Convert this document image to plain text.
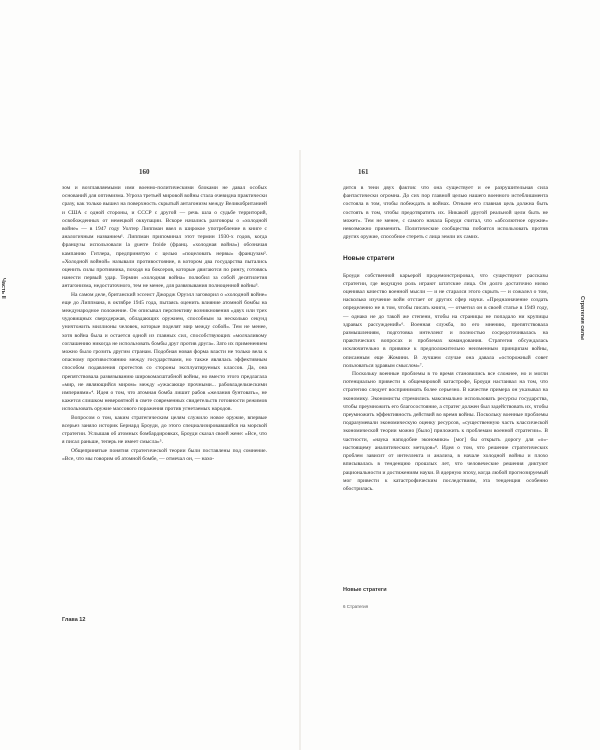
160
Часть II

зом и возглавляемыми ими военно-политическими блоками не давал особых оснований для оптимизма. Угроза третьей мировой войны стала очевидна практически сразу, как только вышел на поверхность скрытый антагонизм между Великобританией и США с одной стороны, и СССР с другой — речь шла о судьбе территорий, освобожденных от немецкой оккупации. Вскоре начались разговоры о «холодной войне» — в 1947 году Уолтер Липпман ввел в широкое употребление в книге с аналогичным названием¹. Липпман припоминал этот термин 1930-х годов, когда французы использовали la guerre froide (франц. «холодная война») обозначая кампанию Гитлера, предпринятую с целью «поцеловать нервы» французам². «Холодной войной» называли противостояние, в котором два государства пытались оценить силы противника, походя на боксеров, которые двигаются по рингу, готовясь нанести первый удар. Термин «холодная война» полюбил за собой десятилетия антагонизма, недостаточного, тем не менее, для развязывания полноценной войны³.

На самом деле, британский эссеист Джордж Оруэлл заговорил о «холодной войне» еще до Липпмана, в октябре 1945 года, пытаясь оценить влияние атомной бомбы на международное положение. Он описывал перспективу возникновения «двух или трех чудовищных сверхдержав, обладающих оружием, способным за несколько секунд уничтожить миллионы человек, которые поделят мир между собой». Тем не менее, хотя война была и остается одной из главных сил, способствующих «молчаливому соглашению никогда не использовать бомбы друг против друга». Зато их применением можно было грозить другим странам. Подобная новая форма власти не только вела к опасному противостоянию между государствами, но также являлась эффективным способом подавления протестов со стороны эксплуатируемых классов. Да, она препятствовала развязыванию широкомасштабной войны, но вместо этого предлагала «мир, не являющийся миром» между «ужасающе прочными... рабовладельческими империями»⁴. Идея о том, что атомная бомба лишит рабов «желания бунтовать», не кажется слишком невероятной в свете современных свидетельств готовности режимов использовать оружие массового поражения против угнетаемых народов.

Вопросом о том, каким стратегическим целям служило новое оружие, впервые всерьез заняло историк Бернард Броуди, до этого специализировавшийся на морской стратегии. Услышав об атомных бомбардировках, Броуди сказал своей жене: «Все, что я писал раньше, теперь не имеет смысла»⁵.

Общепринятые понятия стратегической теории были поставлены под сомнение. «Все, что мы говорим об атомной бомбе, — отмечал он, — нахо-

Глава 12
161
Стратегия силы

дится в тени двух фактов: что она существует и ее разрушительная сила фантастически огромна. До сих пор главной целью нашего военного истеблишмента состояла в том, чтобы побеждать в войнах. Отныне его главная цель должна быть состоять в том, чтобы предотвратить их. Никакой другой реальной цели быть не может». Тем не менее, с самого начала Броуди считал, что «абсолютное оружие» невозможно применить. Политические сообщества побоятся использовать против других оружие, способное стереть с лица земли их самих.

Новые стратеги

Броуди собственной карьерой продемонстрировал, что существуют рассказы стратегии, где ведущую роль играют штатские лица. Он долго достаточно низко оценивал качество военной мысли — и не старался этого скрыть — и сожалел о том, насколько изучение войн отстает от других сфер науки. «Предназначение создать определенно не в том, чтобы писать книги, — отметил он в своей статье в 1949 году, — однако не до такой же степени, чтобы на страницы не попадало ни крупицы здравых рассуждений»⁶. Военная служба, по его мнению, препятствовала размышлениям, подготовка интеллект и полностью сосредоточивалась на практических вопросах и проблемах командования. Стратегия обсуждалась исключительно в привязке к предположительно неизменным принципам войны, описанным еще Жомини. В лучшем случае она давала «осторожный совет пользоваться здравым смыслом»⁷.

Поскольку военные проблемы в то время становились все сложнее, но и могли потенциально привести к общемировой катастрофе, Броуди настаивал на том, что стратегию следует воспринимать более серьезно. В качестве примера он указывал на экономику. Экономисты стремились максимально использовать ресурсы государства, чтобы преумножить его благосостояние, а стратег должен был задействовать их, чтобы преумножить эффективность действий во время войны. Поскольку военные проблемы подразумевали экономическую оценку ресурсов, «существенную часть классической экономической теории можно [было] приложить к проблемам военной стратегии». В частности, «наука наподобие экономики» [мог] бы открыть дорогу для «о»-настоящему аналитических методов»⁸. Идея о том, что решение стратегических проблем зависит от интеллекта и анализа, в начале холодной войны и плохо вписывалась в тенденцию прошлых лет, что человеческие решения диктуют рациональности и достижениям науки. В ядерную эпоху, когда любой прогнозируемый мог привести к катастрофическим последствиям, эта тенденция особенно обострилась.

Новые стратеги
6 Стратегия
